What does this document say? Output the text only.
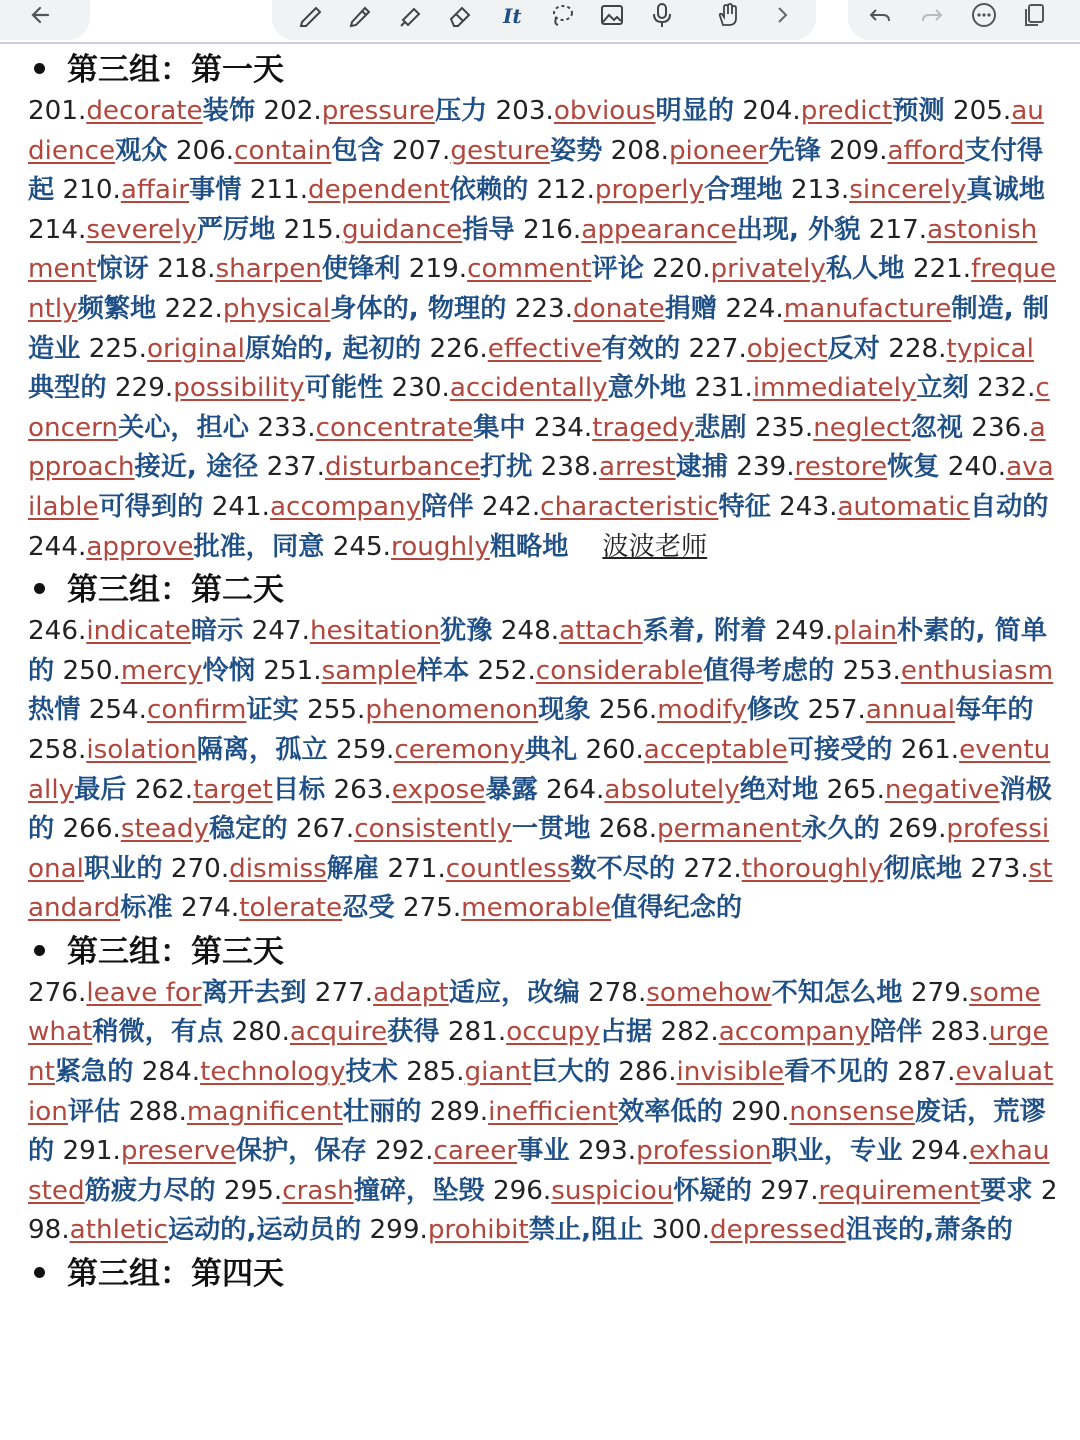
It
第三组：第一天
201.decorate装饰 202.pressure压力 203.obvious明显的 204.predict预测 205.audience观众 206.contain包含 207.gesture姿势 208.pioneer先锋 209.afford支付得起 210.affair事情 211.dependent依赖的 212.properly合理地 213.sincerely真诚地 214.severely严厉地 215.guidance指导 216.appearance出现, 外貌 217.astonishment惊讶 218.sharpen使锋利 219.comment评论 220.privately私人地 221.frequently频繁地 222.physical身体的, 物理的 223.donate捐赠 224.manufacture制造, 制造业 225.original原始的, 起初的 226.effective有效的 227.object反对 228.typical典型的 229.possibility可能性 230.accidentally意外地 231.immediately立刻 232.concern关心，担心 233.concentrate集中 234.tragedy悲剧 235.neglect忽视 236.approach接近, 途径 237.disturbance打扰 238.arrest逮捕 239.restore恢复 240.available可得到的 241.accompany陪伴 242.characteristic特征 243.automatic自动的 244.approve批准，同意 245.roughly粗略地 波波老师
第三组：第二天
246.indicate暗示 247.hesitation犹豫 248.attach系着, 附着 249.plain朴素的, 简单的 250.mercy怜悯 251.sample样本 252.considerable值得考虑的 253.enthusiasm热情 254.confirm证实 255.phenomenon现象 256.modify修改 257.annual每年的 258.isolation隔离，孤立 259.ceremony典礼 260.acceptable可接受的 261.eventually最后 262.target目标 263.expose暴露 264.absolutely绝对地 265.negative消极的 266.steady稳定的 267.consistently一贯地 268.permanent永久的 269.professional职业的 270.dismiss解雇 271.countless数不尽的 272.thoroughly彻底地 273.standard标准 274.tolerate忍受 275.memorable值得纪念的
第三组：第三天
276.leave for离开去到 277.adapt适应，改编 278.somehow不知怎么地 279.somewhat稍微，有点 280.acquire获得 281.occupy占据 282.accompany陪伴 283.urgent紧急的 284.technology技术 285.giant巨大的 286.invisible看不见的 287.evaluation评估 288.magnificent壮丽的 289.inefficient效率低的 290.nonsense废话，荒谬的 291.preserve保护，保存 292.career事业 293.profession职业，专业 294.exhausted筋疲力尽的 295.crash撞碎，坠毁 296.suspiciou怀疑的 297.requirement要求 298.athletic运动的,运动员的 299.prohibit禁止,阻止 300.depressed沮丧的,萧条的
第三组：第四天
